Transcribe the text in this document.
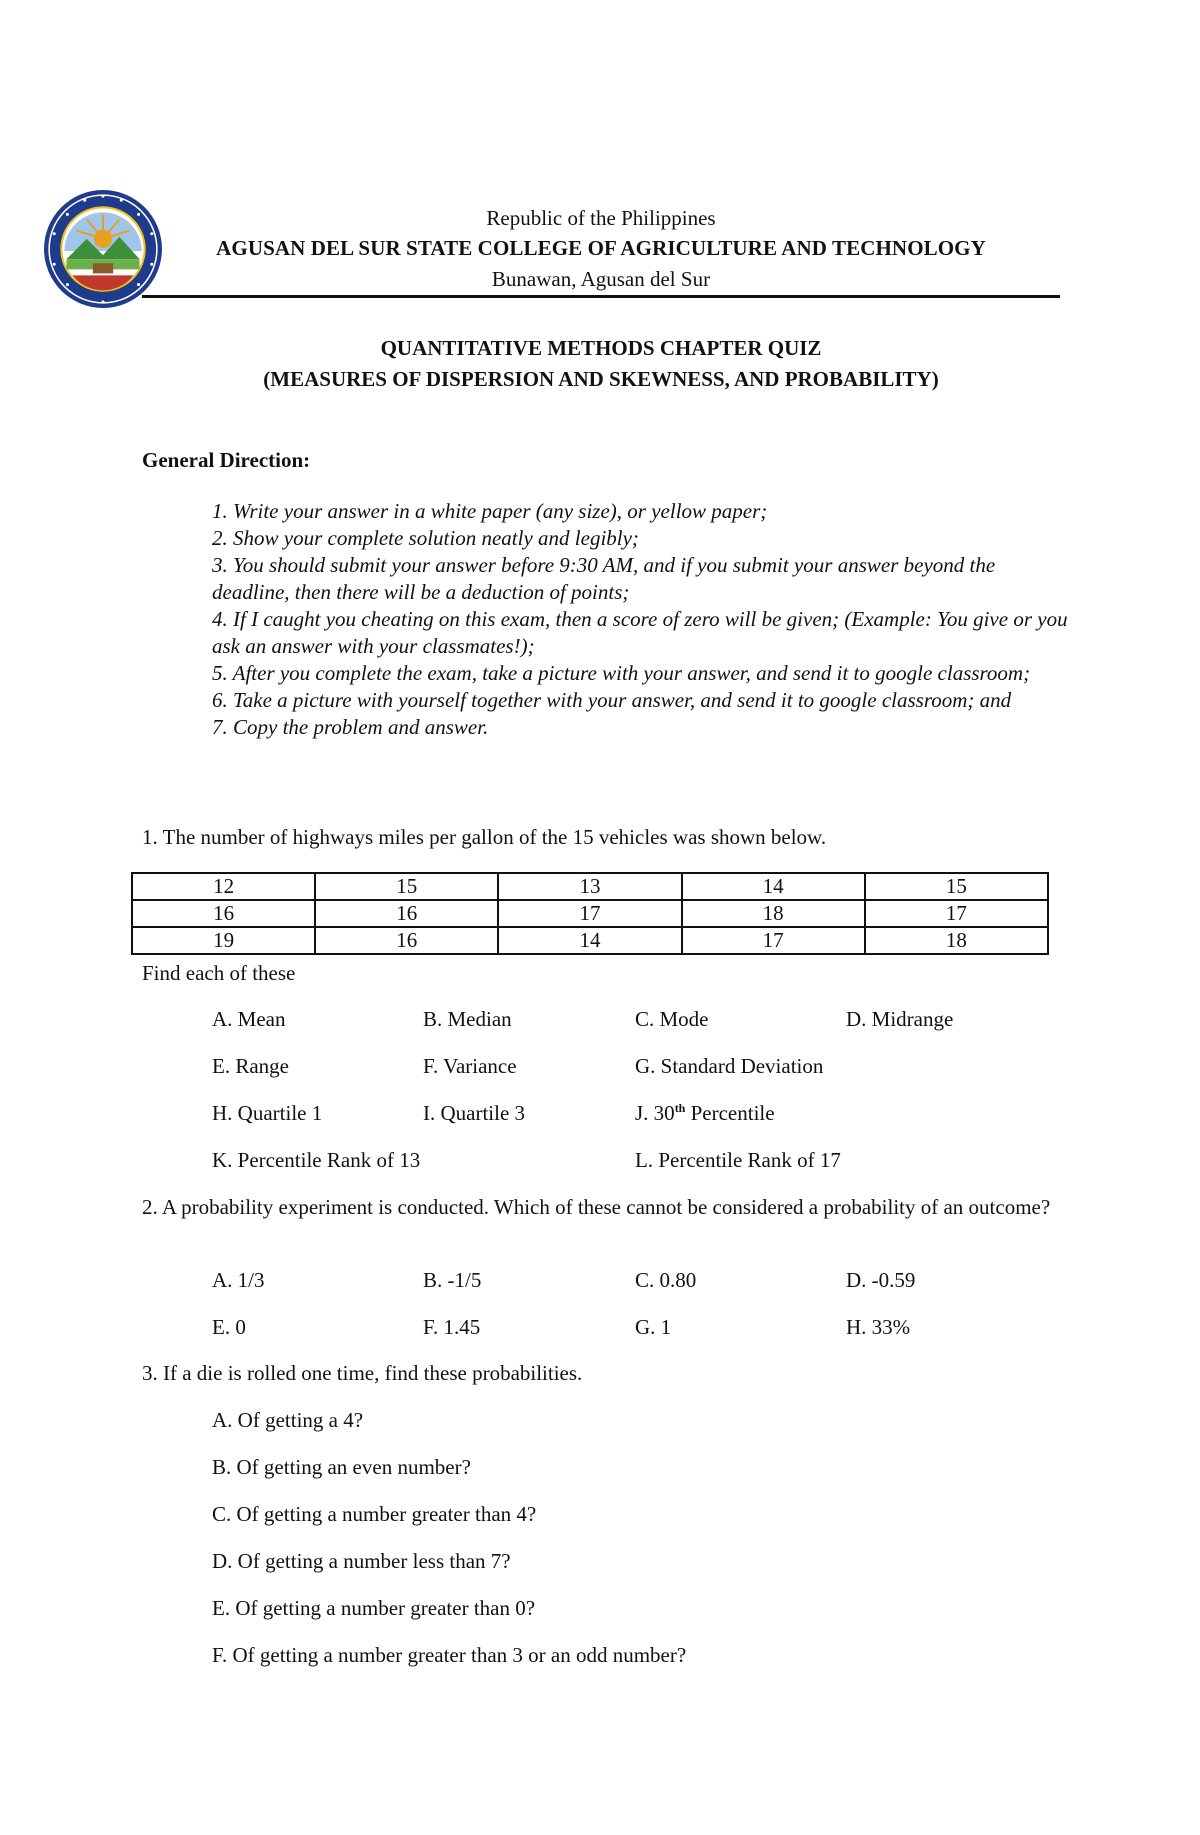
Republic of the Philippines
AGUSAN DEL SUR STATE COLLEGE OF AGRICULTURE AND TECHNOLOGY
Bunawan, Agusan del Sur
QUANTITATIVE METHODS CHAPTER QUIZ
(MEASURES OF DISPERSION AND SKEWNESS, AND PROBABILITY)
General Direction:
1. Write your answer in a white paper (any size), or yellow paper;
2. Show your complete solution neatly and legibly;
3. You should submit your answer before 9:30 AM, and if you submit your answer beyond the deadline, then there will be a deduction of points;
4. If I caught you cheating on this exam, then a score of zero will be given; (Example: You give or you ask an answer with your classmates!);
5. After you complete the exam, take a picture with your answer, and send it to google classroom;
6. Take a picture with yourself together with your answer, and send it to google classroom; and
7. Copy the problem and answer.
1. The number of highways miles per gallon of the 15 vehicles was shown below.
12	15	13	14	15
16	16	17	18	17
19	16	14	17	18
Find each of these
A. Mean	B. Median	C. Mode	D. Midrange
E. Range	F. Variance	G. Standard Deviation
H. Quartile 1	I. Quartile 3	J. 30th Percentile
K. Percentile Rank of 13	L. Percentile Rank of 17
2. A probability experiment is conducted. Which of these cannot be considered a probability of an outcome?
A. 1/3	B. -1/5	C. 0.80	D. -0.59
E. 0	F. 1.45	G. 1	H. 33%
3. If a die is rolled one time, find these probabilities.
A. Of getting a 4?
B. Of getting an even number?
C. Of getting a number greater than 4?
D. Of getting a number less than 7?
E. Of getting a number greater than 0?
F. Of getting a number greater than 3 or an odd number?
